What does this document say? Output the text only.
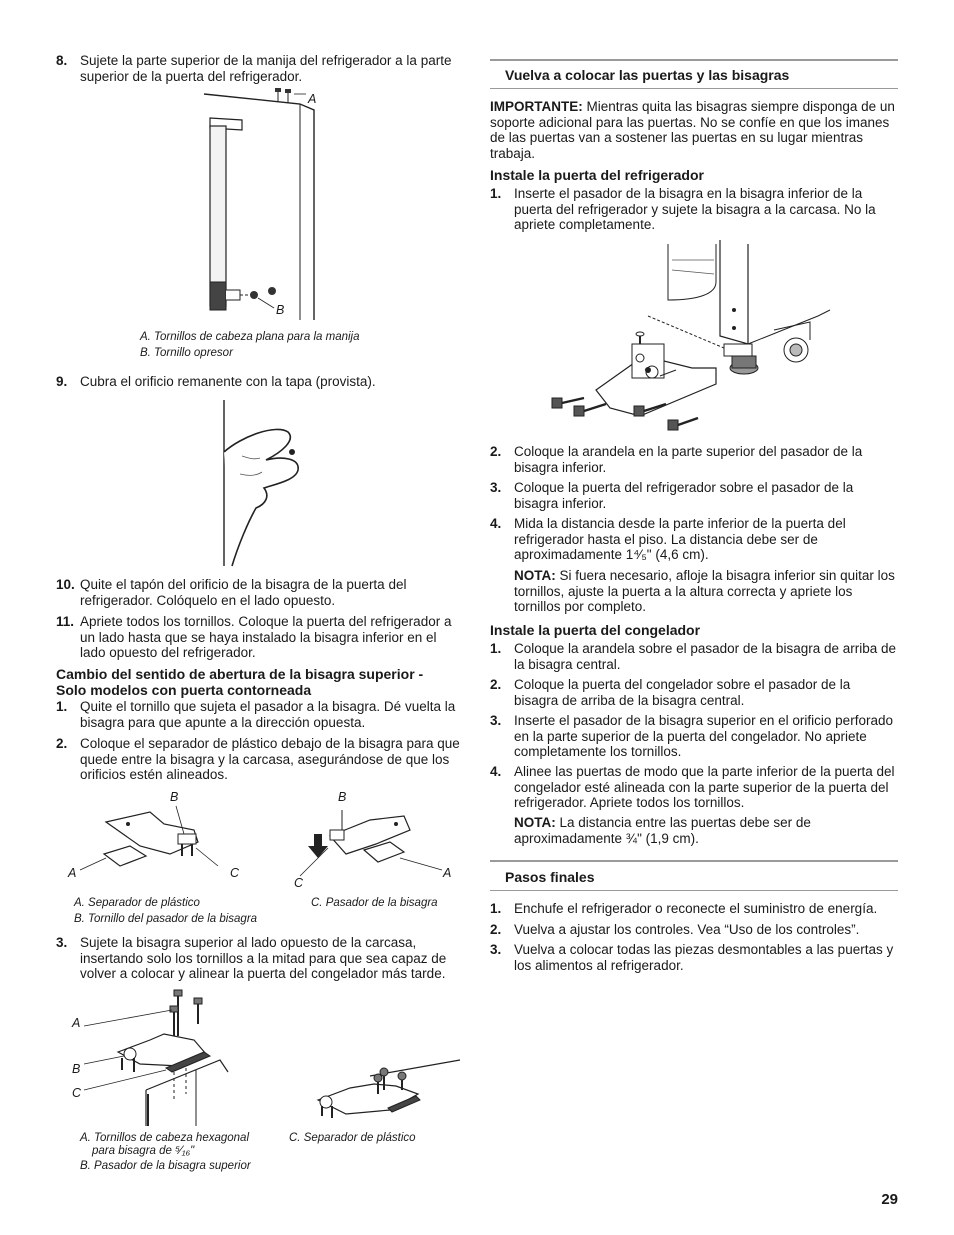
8. Sujete la parte superior de la manija del refrigerador a la parte superior de la puerta del refrigerador.
A
B
A. Tornillos de cabeza plana para la manija
B. Tornillo opresor
9. Cubra el orificio remanente con la tapa (provista).
10. Quite el tapón del orificio de la bisagra de la puerta del refrigerador. Colóquelo en el lado opuesto.
11. Apriete todos los tornillos. Coloque la puerta del refrigerador a un lado hasta que se haya instalado la bisagra inferior en el lado opuesto del refrigerador.
Cambio del sentido de abertura de la bisagra superior -
Solo modelos con puerta contorneada
1. Quite el tornillo que sujeta el pasador a la bisagra. Dé vuelta la bisagra para que apunte a la dirección opuesta.
2. Coloque el separador de plástico debajo de la bisagra para que quede entre la bisagra y la carcasa, asegurándose de que los orificios estén alineados.
B
A	C
B
C
A
A. Separador de plástico
B. Tornillo del pasador de la bisagra
C. Pasador de la bisagra
3. Sujete la bisagra superior al lado opuesto de la carcasa, insertando solo los tornillos a la mitad para que sea capaz de volver a colocar y alinear la puerta del congelador más tarde.
A
B
C
A. Tornillos de cabeza hexagonal
para bisagra de ⁵⁄₁₆"
B. Pasador de la bisagra superior
C. Separador de plástico
Vuelva a colocar las puertas y las bisagras
IMPORTANTE: Mientras quita las bisagras siempre disponga de un soporte adicional para las puertas. No se confíe en que los imanes de las puertas van a sostener las puertas en su lugar mientras trabaja.
Instale la puerta del refrigerador
1. Inserte el pasador de la bisagra en la bisagra inferior de la puerta del refrigerador y sujete la bisagra a la carcasa. No la apriete completamente.
2. Coloque la arandela en la parte superior del pasador de la bisagra inferior.
3. Coloque la puerta del refrigerador sobre el pasador de la bisagra inferior.
4. Mida la distancia desde la parte inferior de la puerta del refrigerador hasta el piso. La distancia debe ser de aproximadamente 1⁴⁄₅" (4,6 cm).
NOTA: Si fuera necesario, afloje la bisagra inferior sin quitar los tornillos, ajuste la puerta a la altura correcta y apriete los tornillos por completo.
Instale la puerta del congelador
1. Coloque la arandela sobre el pasador de la bisagra de arriba de la bisagra central.
2. Coloque la puerta del congelador sobre el pasador de la bisagra de arriba de la bisagra central.
3. Inserte el pasador de la bisagra superior en el orificio perforado en la parte superior de la puerta del congelador. No apriete completamente los tornillos.
4. Alinee las puertas de modo que la parte inferior de la puerta del congelador esté alineada con la parte superior de la puerta del refrigerador. Apriete todos los tornillos.
NOTA: La distancia entre las puertas debe ser de aproximadamente ¾" (1,9 cm).
Pasos finales
1. Enchufe el refrigerador o reconecte el suministro de energía.
2. Vuelva a ajustar los controles. Vea “Uso de los controles”.
3. Vuelva a colocar todas las piezas desmontables a las puertas y los alimentos al refrigerador.
29
